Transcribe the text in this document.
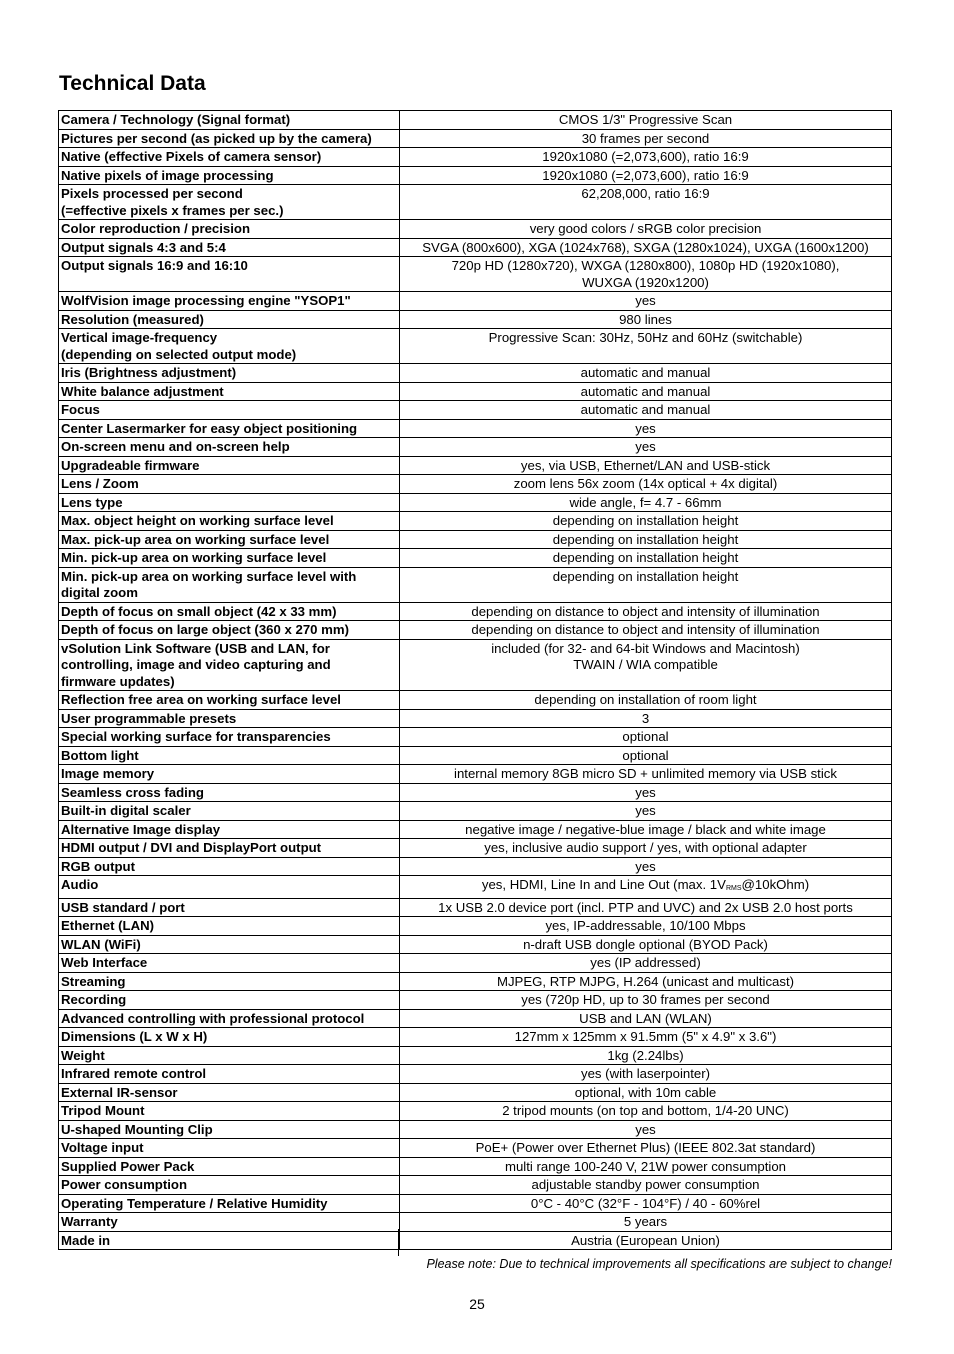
Technical Data
Camera / Technology (Signal format)	CMOS 1/3" Progressive Scan

Pictures per second (as picked up by the camera)	30 frames per second

Native (effective Pixels of camera sensor)	1920x1080 (=2,073,600), ratio 16:9

Native pixels of image processing	1920x1080 (=2,073,600), ratio 16:9

Pixels processed per second
(=effective pixels x frames per sec.)	62,208,000, ratio 16:9

Color reproduction / precision	very good colors / sRGB color precision

Output signals 4:3 and 5:4	SVGA (800x600), XGA (1024x768), SXGA (1280x1024), UXGA (1600x1200)

Output signals 16:9 and 16:10	720p HD (1280x720), WXGA (1280x800), 1080p HD (1920x1080),
WUXGA (1920x1200)

WolfVision image processing engine "YSOP1"	yes

Resolution (measured)	980 lines

Vertical image-frequency
(depending on selected output mode)	Progressive Scan: 30Hz, 50Hz and 60Hz (switchable)

Iris (Brightness adjustment)	automatic and manual

White balance adjustment	automatic and manual

Focus	automatic and manual

Center Lasermarker for easy object positioning	yes

On-screen menu and on-screen help	yes

Upgradeable firmware	yes, via USB, Ethernet/LAN and USB-stick

Lens / Zoom	zoom lens 56x zoom (14x optical + 4x digital)

Lens type	wide angle, f= 4.7 - 66mm

Max. object height on working surface level	depending on installation height

Max. pick-up area on working surface level	depending on installation height

Min. pick-up area on working surface level	depending on installation height

Min. pick-up area on working surface level with
digital zoom	depending on installation height

Depth of focus on small object (42 x 33 mm)	depending on distance to object and intensity of illumination

Depth of focus on large object (360 x 270 mm)	depending on distance to object and intensity of illumination

vSolution Link Software (USB and LAN, for
controlling, image and video capturing and
firmware updates)	included (for 32- and 64-bit Windows and Macintosh)
TWAIN / WIA compatible

Reflection free area on working surface level	depending on installation of room light

User programmable presets	3

Special working surface for transparencies	optional

Bottom light	optional

Image memory	internal memory 8GB micro SD + unlimited memory via USB stick

Seamless cross fading	yes

Built-in digital scaler	yes

Alternative Image display	negative image / negative-blue image / black and white image

HDMI output / DVI and DisplayPort output	yes, inclusive audio support / yes, with optional adapter

RGB output	yes

Audio	yes, HDMI, Line In and Line Out (max. $1V_{RMS}@10kOhm$)

USB standard / port	1x USB 2.0 device port (incl. PTP and UVC) and 2x USB 2.0 host ports

Ethernet (LAN)	yes, IP-addressable, 10/100 Mbps

WLAN (WiFi)	n-draft USB dongle optional (BYOD Pack)

Web Interface	yes (IP addressed)

Streaming	MJPEG, RTP MJPG, H.264 (unicast and multicast)

Recording	yes (720p HD, up to 30 frames per second

Advanced controlling with professional protocol	USB and LAN (WLAN)

Dimensions (L x W x H)	127mm x 125mm x 91.5mm (5" x 4.9" x 3.6")

Weight	1kg (2.24lbs)

Infrared remote control	yes (with laserpointer)

External IR-sensor	optional, with 10m cable

Tripod Mount	2 tripod mounts (on top and bottom, 1/4-20 UNC)

U-shaped Mounting Clip	yes

Voltage input	PoE+ (Power over Ethernet Plus) (IEEE 802.3at standard)

Supplied Power Pack	multi range 100-240 V, 21W power consumption

Power consumption	adjustable standby power consumption

Operating Temperature / Relative Humidity	0°C - 40°C (32°F - 104°F) / 40 - 60%rel

Warranty	5 years

Made in	Austria (European Union)
Please note: Due to technical improvements all specifications are subject to change!
25
